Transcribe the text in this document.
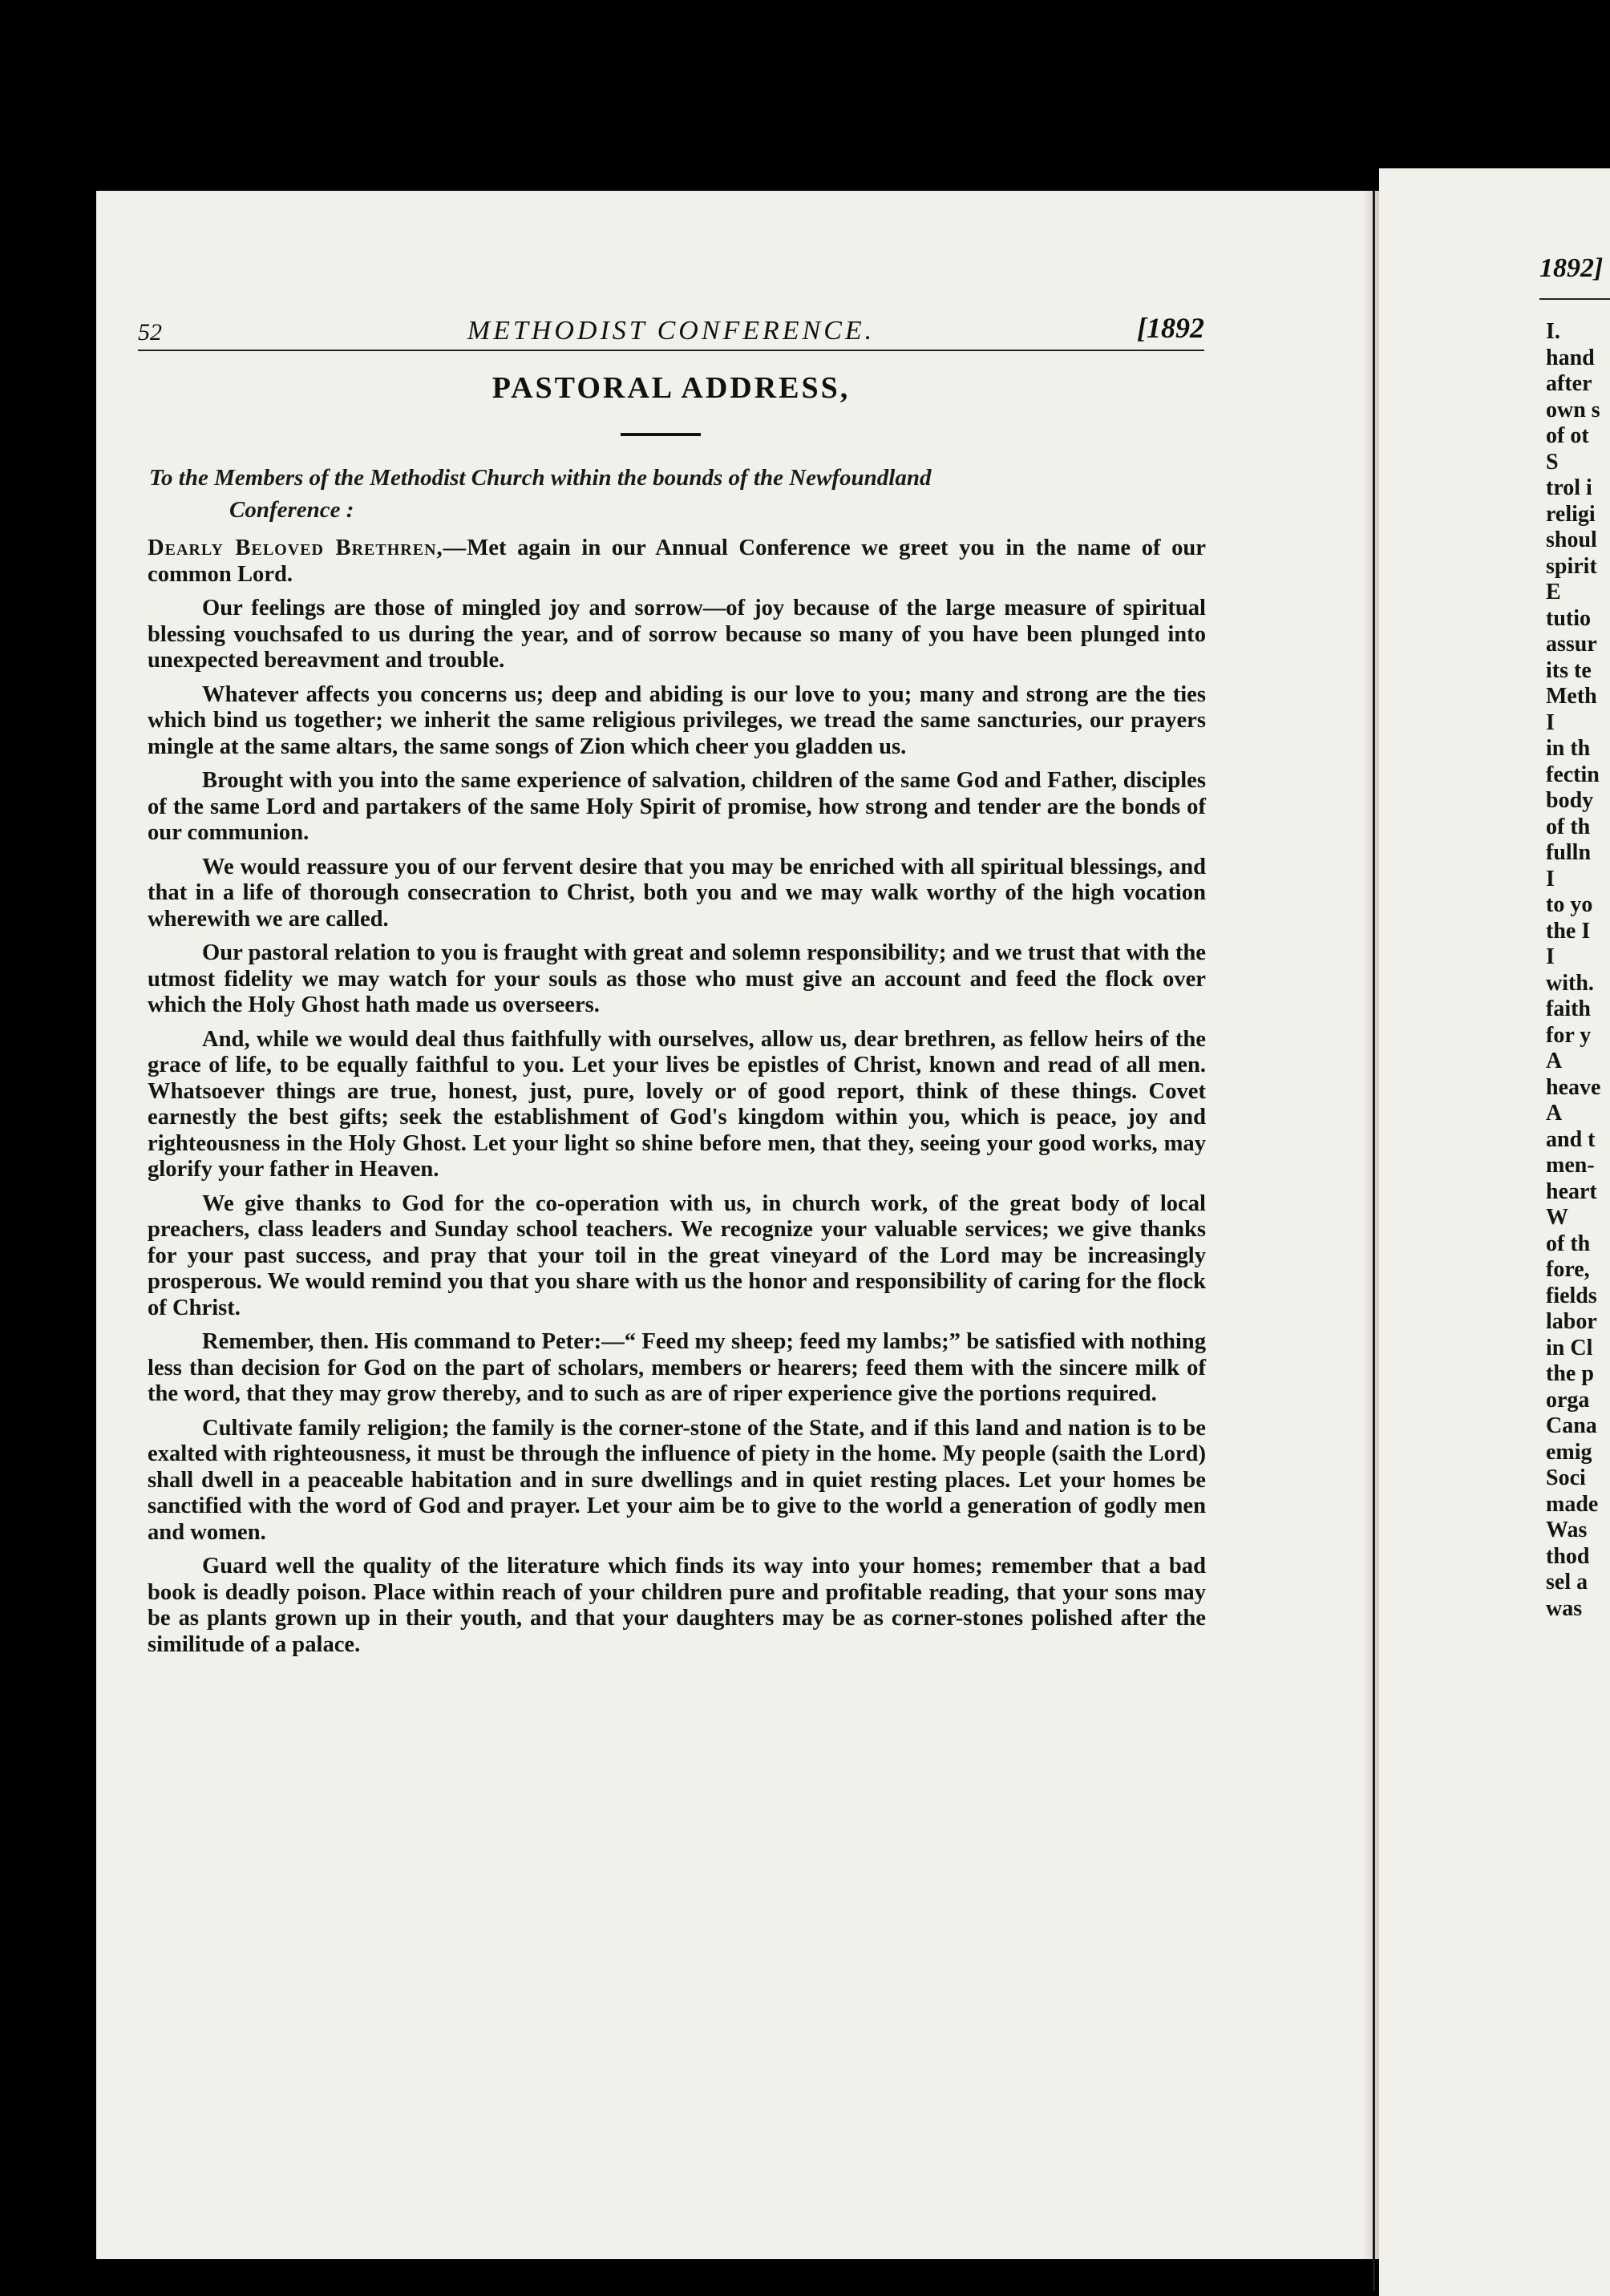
52	METHODIST CONFERENCE.	[1892
PASTORAL ADDRESS,
To the Members of the Methodist Church within the bounds of the Newfoundland
Conference :

Dearly Beloved Brethren,—Met again in our Annual Conference we greet you in the name of our common Lord.

Our feelings are those of mingled joy and sorrow—of joy because of the large measure of spiritual blessing vouchsafed to us during the year, and of sorrow because so many of you have been plunged into unexpected bereavment and trouble.

Whatever affects you concerns us; deep and abiding is our love to you; many and strong are the ties which bind us together; we inherit the same religious privileges, we tread the same sancturies, our prayers mingle at the same altars, the same songs of Zion which cheer you gladden us.

Brought with you into the same experience of salvation, children of the same God and Father, disciples of the same Lord and partakers of the same Holy Spirit of promise, how strong and tender are the bonds of our communion.

We would reassure you of our fervent desire that you may be enriched with all spiritual blessings, and that in a life of thorough consecration to Christ, both you and we may walk worthy of the high vocation wherewith we are called.

Our pastoral relation to you is fraught with great and solemn responsibility; and we trust that with the utmost fidelity we may watch for your souls as those who must give an account and feed the flock over which the Holy Ghost hath made us overseers.

And, while we would deal thus faithfully with ourselves, allow us, dear brethren, as fellow heirs of the grace of life, to be equally faithful to you. Let your lives be epistles of Christ, known and read of all men. Whatsoever things are true, honest, just, pure, lovely or of good report, think of these things. Covet earnestly the best gifts; seek the establishment of God's kingdom within you, which is peace, joy and righteousness in the Holy Ghost. Let your light so shine before men, that they, seeing your good works, may glorify your father in Heaven.

We give thanks to God for the co-operation with us, in church work, of the great body of local preachers, class leaders and Sunday school teachers. We recognize your valuable services; we give thanks for your past success, and pray that your toil in the great vineyard of the Lord may be increasingly prosperous. We would remind you that you share with us the honor and responsibility of caring for the flock of Christ.

Remember, then. His command to Peter:—“ Feed my sheep; feed my lambs;” be satisfied with nothing less than decision for God on the part of scholars, members or hearers; feed them with the sincere milk of the word, that they may grow thereby, and to such as are of riper experience give the portions required.

Cultivate family religion; the family is the corner-stone of the State, and if this land and nation is to be exalted with righteousness, it must be through the influence of piety in the home. My people (saith the Lord) shall dwell in a peaceable habitation and in sure dwellings and in quiet resting places. Let your homes be sanctified with the word of God and prayer. Let your aim be to give to the world a generation of godly men and women.

Guard well the quality of the literature which finds its way into your homes; remember that a bad book is deadly poison. Place within reach of your children pure and profitable reading, that your sons may be as plants grown up in their youth, and that your daughters may be as corner-stones polished after the similitude of a palace.

1892]
I.
hand
after
own s
of ot
S
trol i
religi
shoul
spirit
E
tutio
assur
its te
Meth
I
in th
fectin
body
of th
fulln
I
to yo
the I
I
with.
faith
for y
A
heave
A
and t
men-
heart
W
of th
fore,
fields
labor
in Cl
the p
orga
Cana
emig
Soci
made
Was
thod
sel a
was
